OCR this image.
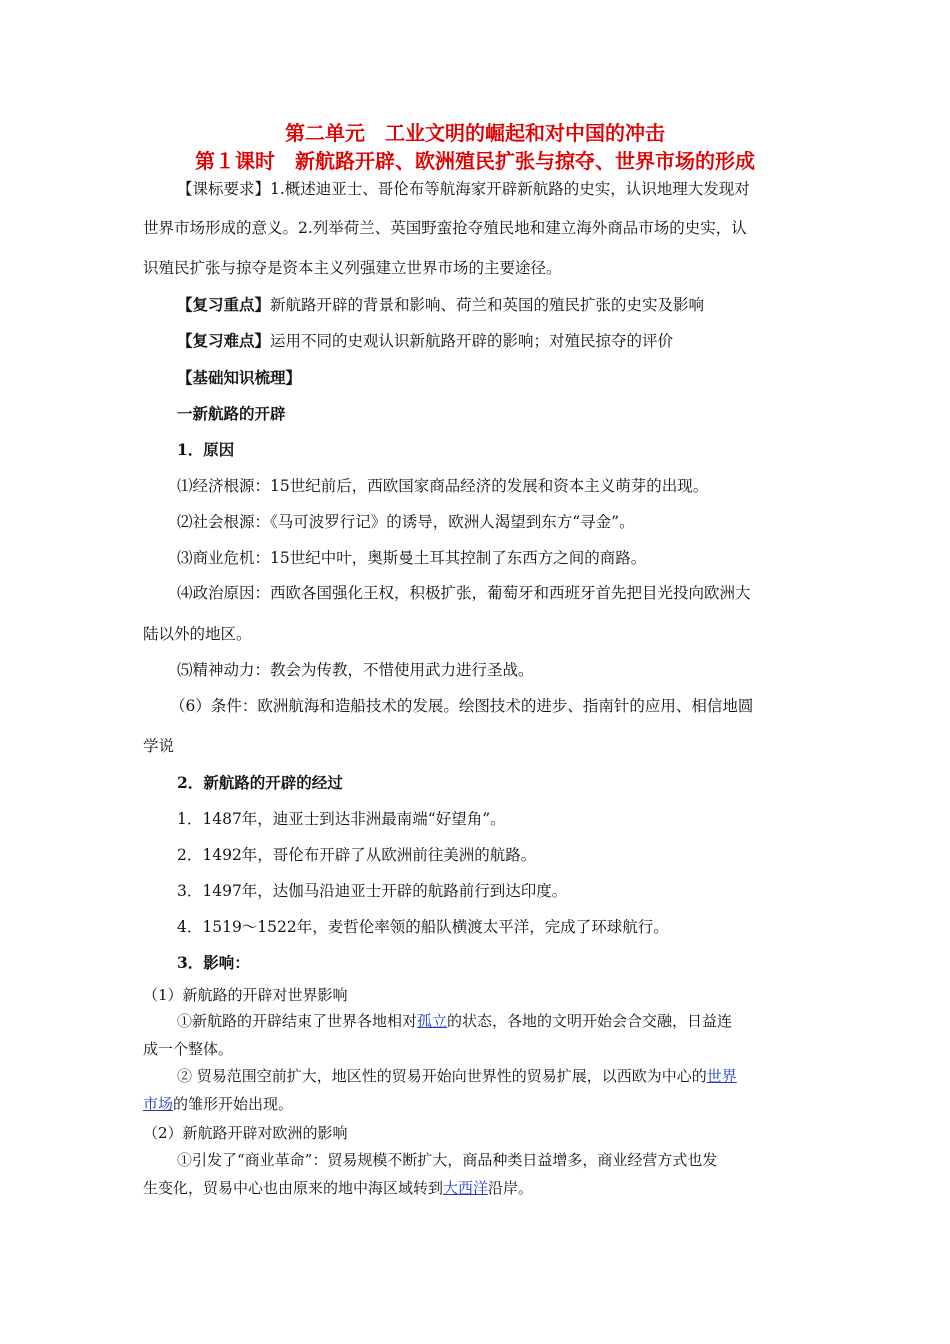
第二单元　工业文明的崛起和对中国的冲击
第１课时　新航路开辟、欧洲殖民扩张与掠夺、世界市场的形成
【课标要求】1.概述迪亚士、哥伦布等航海家开辟新航路的史实，认识地理大发现对
世界市场形成的意义。2.列举荷兰、英国野蛮抢夺殖民地和建立海外商品市场的史实，认
识殖民扩张与掠夺是资本主义列强建立世界市场的主要途径。
【复习重点】新航路开辟的背景和影响、荷兰和英国的殖民扩张的史实及影响
【复习难点】运用不同的史观认识新航路开辟的影响；对殖民掠夺的评价
【基础知识梳理】
一新航路的开辟
1．原因
⑴经济根源：15世纪前后，西欧国家商品经济的发展和资本主义萌芽的出现。
⑵社会根源：《马可波罗行记》的诱导，欧洲人渴望到东方“寻金”。
⑶商业危机：15世纪中叶，奥斯曼土耳其控制了东西方之间的商路。
⑷政治原因：西欧各国强化王权，积极扩张，葡萄牙和西班牙首先把目光投向欧洲大
陆以外的地区。
⑸精神动力：教会为传教，不惜使用武力进行圣战。
（6）条件：欧洲航海和造船技术的发展。绘图技术的进步、指南针的应用、相信地圆
学说
2．新航路的开辟的经过
1．1487年，迪亚士到达非洲最南端“好望角”。
2．1492年，哥伦布开辟了从欧洲前往美洲的航路。
3．1497年，达伽马沿迪亚士开辟的航路前行到达印度。
4．1519～1522年，麦哲伦率领的船队横渡太平洋，完成了环球航行。
3．影响：
（1）新航路的开辟对世界影响
①新航路的开辟结束了世界各地相对孤立的状态，各地的文明开始会合交融，日益连
成一个整体。
② 贸易范围空前扩大，地区性的贸易开始向世界性的贸易扩展，以西欧为中心的世界
市场的雏形开始出现。
（2）新航路开辟对欧洲的影响
①引发了“商业革命”：贸易规模不断扩大，商品种类日益增多，商业经营方式也发
生变化，贸易中心也由原来的地中海区域转到大西洋沿岸。
